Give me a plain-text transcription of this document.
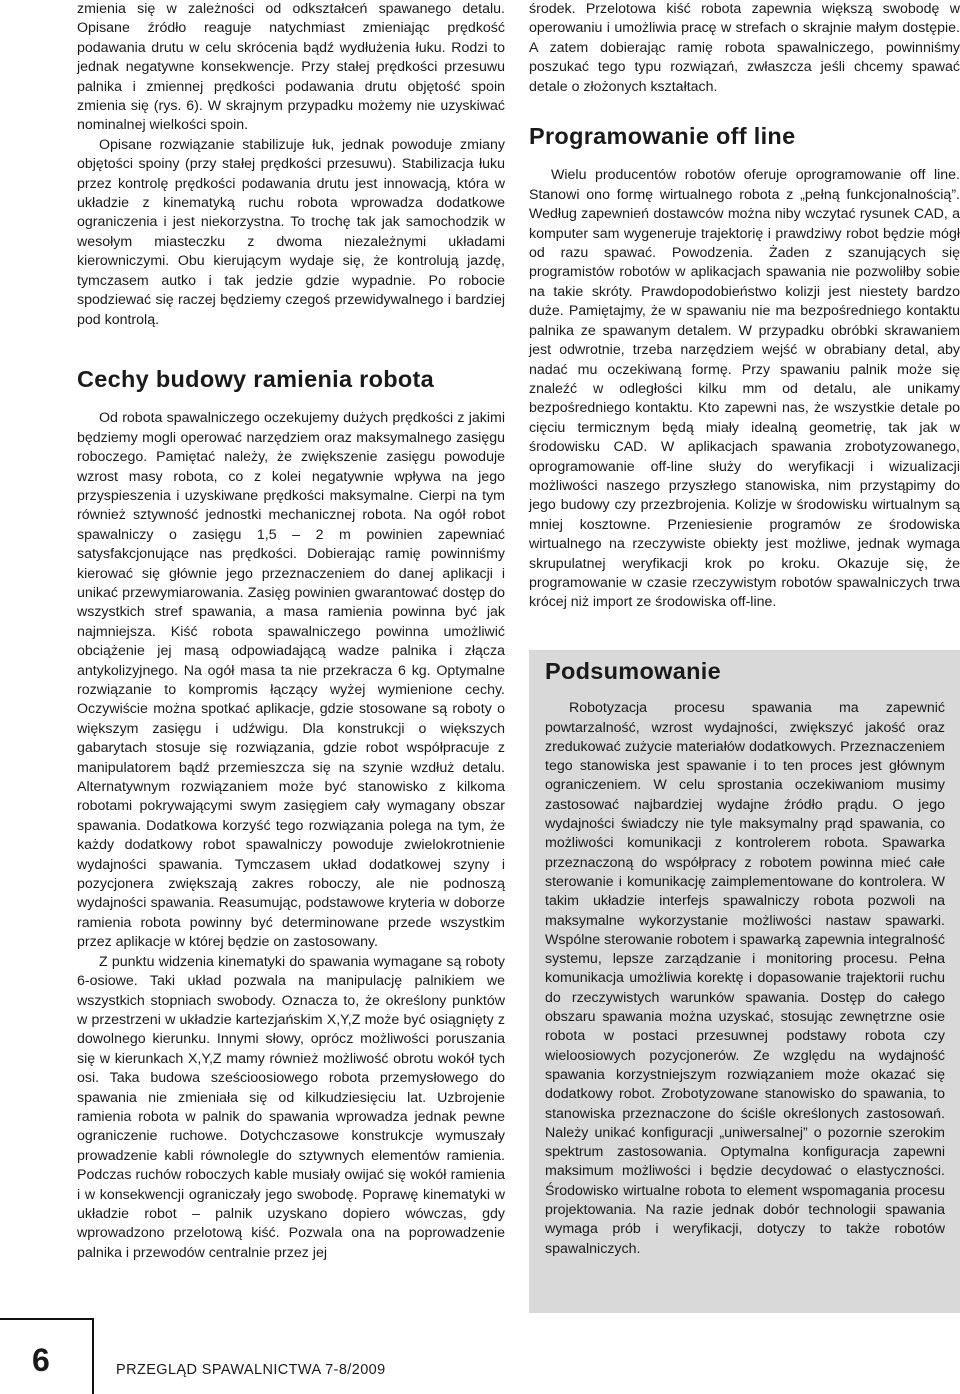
zmienia się w zależności od odkształceń spawanego detalu. Opisane źródło reaguje natychmiast zmieniając prędkość podawania drutu w celu skrócenia bądź wydłużenia łuku. Rodzi to jednak negatywne konsekwencje. Przy stałej prędkości przesuwu palnika i zmiennej prędkości podawania drutu objętość spoin zmienia się (rys. 6). W skrajnym przypadku możemy nie uzyskiwać nominalnej wielkości spoin.

Opisane rozwiązanie stabilizuje łuk, jednak powoduje zmiany objętości spoiny (przy stałej prędkości przesuwu). Stabilizacja łuku przez kontrolę prędkości podawania drutu jest innowacją, która w układzie z kinematyką ruchu robota wprowadza dodatkowe ograniczenia i jest niekorzystna. To trochę tak jak samochodzik w wesołym miasteczku z dwoma niezależnymi układami kierowniczymi. Obu kierującym wydaje się, że kontrolują jazdę, tymczasem autko i tak jedzie gdzie wypadnie. Po robocie spodziewać się raczej będziemy czegoś przewidywalnego i bardziej pod kontrolą.

Cechy budowy ramienia robota

Od robota spawalniczego oczekujemy dużych prędkości z jakimi będziemy mogli operować narzędziem oraz maksymalnego zasięgu roboczego. Pamiętać należy, że zwiększenie zasięgu powoduje wzrost masy robota, co z kolei negatywnie wpływa na jego przyspieszenia i uzyskiwane prędkości maksymalne. Cierpi na tym również sztywność jednostki mechanicznej robota. Na ogół robot spawalniczy o zasięgu 1,5 – 2 m powinien zapewniać satysfakcjonujące nas prędkości. Dobierając ramię powinniśmy kierować się głównie jego przeznaczeniem do danej aplikacji i unikać przewymiarowania. Zasięg powinien gwarantować dostęp do wszystkich stref spawania, a masa ramienia powinna być jak najmniejsza. Kiść robota spawalniczego powinna umożliwić obciążenie jej masą odpowiadającą wadze palnika i złącza antykolizyjnego. Na ogół masa ta nie przekracza 6 kg. Optymalne rozwiązanie to kompromis łączący wyżej wymienione cechy. Oczywiście można spotkać aplikacje, gdzie stosowane są roboty o większym zasięgu i udźwigu. Dla konstrukcji o większych gabarytach stosuje się rozwiązania, gdzie robot współpracuje z manipulatorem bądź przemieszcza się na szynie wzdłuż detalu. Alternatywnym rozwiązaniem może być stanowisko z kilkoma robotami pokrywającymi swym zasięgiem cały wymagany obszar spawania. Dodatkowa korzyść tego rozwiązania polega na tym, że każdy dodatkowy robot spawalniczy powoduje zwielokrotnienie wydajności spawania. Tymczasem układ dodatkowej szyny i pozycjonera zwiększają zakres roboczy, ale nie podnoszą wydajności spawania. Reasumując, podstawowe kryteria w doborze ramienia robota powinny być determinowane przede wszystkim przez aplikacje w której będzie on zastosowany.

Z punktu widzenia kinematyki do spawania wymagane są roboty 6-osiowe. Taki układ pozwala na manipulację palnikiem we wszystkich stopniach swobody. Oznacza to, że określony punktów w przestrzeni w układzie kartezjańskim X,Y,Z może być osiągnięty z dowolnego kierunku. Innymi słowy, oprócz możliwości poruszania się w kierunkach X,Y,Z mamy również możliwość obrotu wokół tych osi. Taka budowa sześcioosiowego robota przemysłowego do spawania nie zmieniała się od kilkudziesięciu lat. Uzbrojenie ramienia robota w palnik do spawania wprowadza jednak pewne ograniczenie ruchowe. Dotychczasowe konstrukcje wymuszały prowadzenie kabli równolegle do sztywnych elementów ramienia. Podczas ruchów roboczych kable musiały owijać się wokół ramienia i w konsekwencji ograniczały jego swobodę. Poprawę kinematyki w układzie robot – palnik uzyskano dopiero wówczas, gdy wprowadzono przelotową kiść. Pozwala ona na poprowadzenie palnika i przewodów centralnie przez jej

środek. Przelotowa kiść robota zapewnia większą swobodę w operowaniu i umożliwia pracę w strefach o skrajnie małym dostępie. A zatem dobierając ramię robota spawalniczego, powinniśmy poszukać tego typu rozwiązań, zwłaszcza jeśli chcemy spawać detale o złożonych kształtach.

Programowanie off line

Wielu producentów robotów oferuje oprogramowanie off line. Stanowi ono formę wirtualnego robota z „pełną funkcjonalnością”. Według zapewnień dostawców można niby wczytać rysunek CAD, a komputer sam wygeneruje trajektorię i prawdziwy robot będzie mógł od razu spawać. Powodzenia. Żaden z szanujących się programistów robotów w aplikacjach spawania nie pozwoliłby sobie na takie skróty. Prawdopodobieństwo kolizji jest niestety bardzo duże. Pamiętajmy, że w spawaniu nie ma bezpośredniego kontaktu palnika ze spawanym detalem. W przypadku obróbki skrawaniem jest odwrotnie, trzeba narzędziem wejść w obrabiany detal, aby nadać mu oczekiwaną formę. Przy spawaniu palnik może się znaleźć w odległości kilku mm od detalu, ale unikamy bezpośredniego kontaktu. Kto zapewni nas, że wszystkie detale po cięciu termicznym będą miały idealną geometrię, tak jak w środowisku CAD. W aplikacjach spawania zrobotyzowanego, oprogramowanie off-line służy do weryfikacji i wizualizacji możliwości naszego przyszłego stanowiska, nim przystąpimy do jego budowy czy przezbrojenia. Kolizje w środowisku wirtualnym są mniej kosztowne. Przeniesienie programów ze środowiska wirtualnego na rzeczywiste obiekty jest możliwe, jednak wymaga skrupulatnej weryfikacji krok po kroku. Okazuje się, że programowanie w czasie rzeczywistym robotów spawalniczych trwa krócej niż import ze środowiska off-line.

Podsumowanie

Robotyzacja procesu spawania ma zapewnić powtarzalność, wzrost wydajności, zwiększyć jakość oraz zredukować zużycie materiałów dodatkowych. Przeznaczeniem tego stanowiska jest spawanie i to ten proces jest głównym ograniczeniem. W celu sprostania oczekiwaniom musimy zastosować najbardziej wydajne źródło prądu. O jego wydajności świadczy nie tyle maksymalny prąd spawania, co możliwości komunikacji z kontrolerem robota. Spawarka przeznaczoną do współpracy z robotem powinna mieć całe sterowanie i komunikację zaimplementowane do kontrolera. W takim układzie interfejs spawalniczy robota pozwoli na maksymalne wykorzystanie możliwości nastaw spawarki. Wspólne sterowanie robotem i spawarką zapewnia integralność systemu, lepsze zarządzanie i monitoring procesu. Pełna komunikacja umożliwia korektę i dopasowanie trajektorii ruchu do rzeczywistych warunków spawania. Dostęp do całego obszaru spawania można uzyskać, stosując zewnętrzne osie robota w postaci przesuwnej podstawy robota czy wieloosiowych pozycjonerów. Ze względu na wydajność spawania korzystniejszym rozwiązaniem może okazać się dodatkowy robot. Zrobotyzowane stanowisko do spawania, to stanowiska przeznaczone do ściśle określonych zastosowań. Należy unikać konfiguracji „uniwersalnej” o pozornie szerokim spektrum zastosowania. Optymalna konfiguracja zapewni maksimum możliwości i będzie decydować o elastyczności. Środowisko wirtualne robota to element wspomagania procesu projektowania. Na razie jednak dobór technologii spawania wymaga prób i weryfikacji, dotyczy to także robotów spawalniczych.

6	PRZEGLĄD SPAWALNICTWA 7-8/2009
